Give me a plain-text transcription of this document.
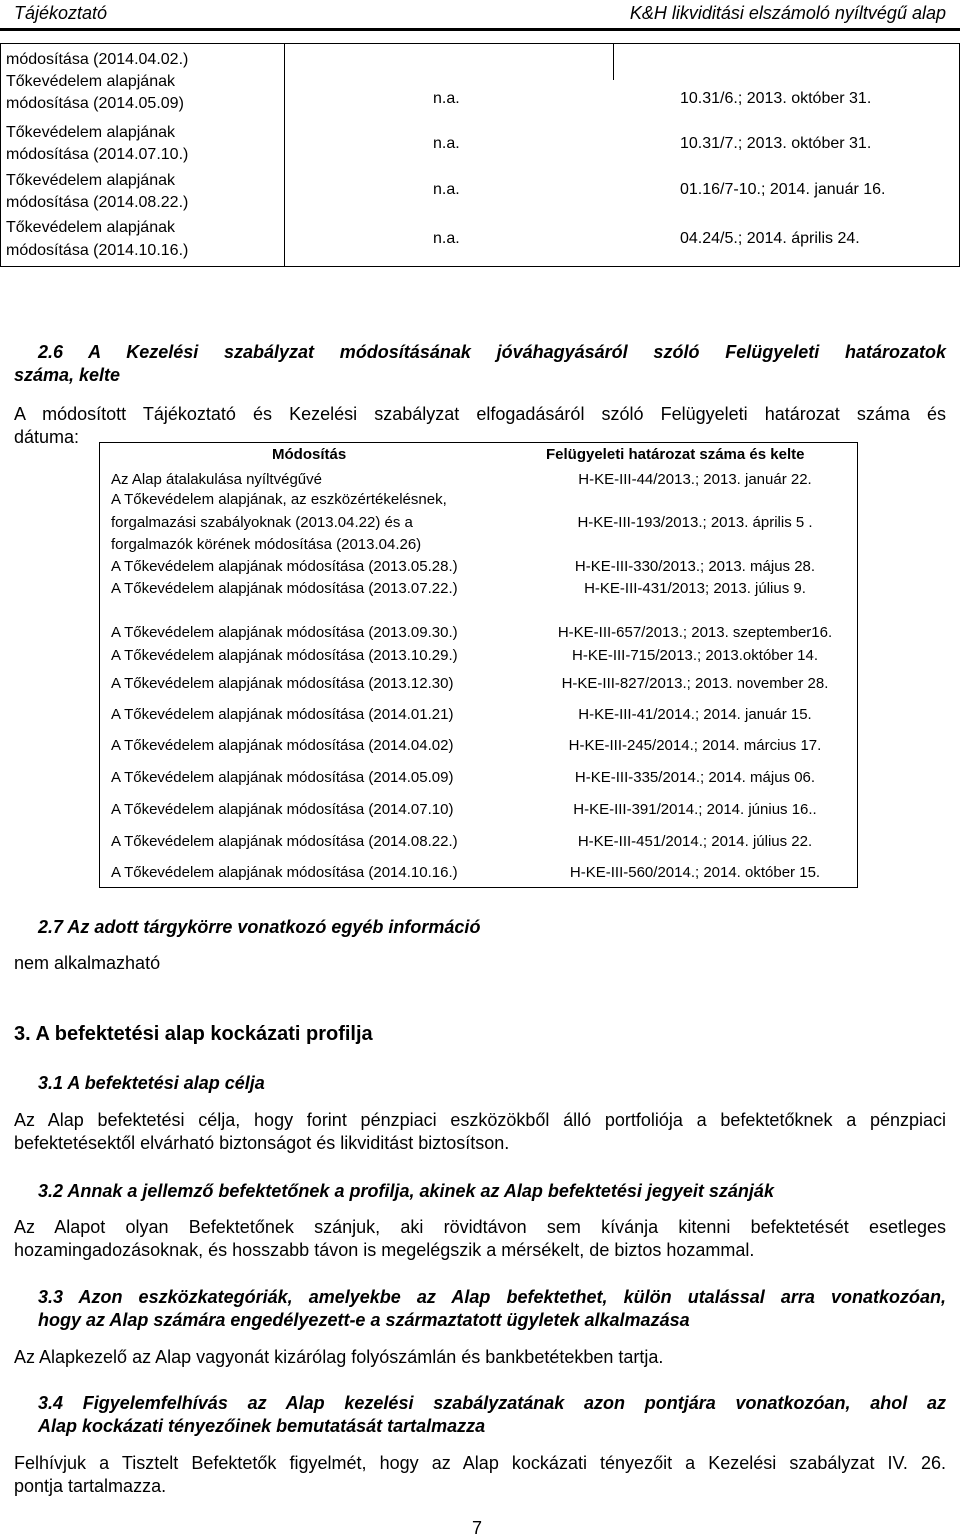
Tájékoztató	K&H likviditási elszámoló nyíltvégű alap
módosítása (2014.04.02.)
Tőkevédelem alapjának
módosítása (2014.05.09)	n.a.	10.31/6.; 2013. október 31.
Tőkevédelem alapjának
módosítása (2014.07.10.)
n.a.	10.31/7.; 2013. október 31.
Tőkevédelem alapjának
módosítása (2014.08.22.)
n.a.	01.16/7-10.; 2014. január 16.
Tőkevédelem alapjának
módosítása (2014.10.16.)
n.a.	04.24/5.; 2014. április 24.
2.6 A Kezelési szabályzat módosításának jóváhagyásáról szóló Felügyeleti határozatok
száma, kelte
A módosított Tájékoztató és Kezelési szabályzat elfogadásáról szóló Felügyeleti határozat száma és
dátuma:
Módosítás	Felügyeleti határozat száma és kelte
Az Alap átalakulása nyíltvégűvé	H-KE-III-44/2013.; 2013. január 22.
A Tőkevédelem alapjának, az eszközértékelésnek,
forgalmazási szabályoknak (2013.04.22) és a
forgalmazók körének módosítása (2013.04.26)
H-KE-III-193/2013.; 2013. április 5 .
A Tőkevédelem alapjának módosítása (2013.05.28.)	H-KE-III-330/2013.; 2013. május 28.
A Tőkevédelem alapjának módosítása (2013.07.22.)	H-KE-III-431/2013; 2013. július 9.
A Tőkevédelem alapjának módosítása (2013.09.30.)	H-KE-III-657/2013.; 2013. szeptember16.
A Tőkevédelem alapjának módosítása (2013.10.29.)	H-KE-III-715/2013.; 2013.október 14.
A Tőkevédelem alapjának módosítása (2013.12.30)	H-KE-III-827/2013.; 2013. november 28.
A Tőkevédelem alapjának módosítása (2014.01.21)	H-KE-III-41/2014.; 2014. január 15.
A Tőkevédelem alapjának módosítása (2014.04.02)	H-KE-III-245/2014.; 2014. március 17.
A Tőkevédelem alapjának módosítása (2014.05.09)	H-KE-III-335/2014.; 2014. május 06.
A Tőkevédelem alapjának módosítása (2014.07.10)	H-KE-III-391/2014.; 2014. június 16..
A Tőkevédelem alapjának módosítása (2014.08.22.)	H-KE-III-451/2014.; 2014. július 22.
A Tőkevédelem alapjának módosítása (2014.10.16.)	H-KE-III-560/2014.; 2014. október 15.
2.7 Az adott tárgykörre vonatkozó egyéb információ
nem alkalmazható
3. A befektetési alap kockázati profilja
3.1 A befektetési alap célja
Az Alap befektetési célja, hogy forint pénzpiaci eszközökből álló portfoliója a befektetőknek a pénzpiaci
befektetésektől elvárható biztonságot és likviditást biztosítson.
3.2 Annak a jellemző befektetőnek a profilja, akinek az Alap befektetési jegyeit szánják
Az Alapot olyan Befektetőnek szánjuk, aki rövidtávon sem kívánja kitenni befektetését esetleges
hozamingadozásoknak, és hosszabb távon is megelégszik a mérsékelt, de biztos hozammal.
3.3 Azon eszközkategóriák, amelyekbe az Alap befektethet, külön utalással arra vonatkozóan,
hogy az Alap számára engedélyezett-e a származtatott ügyletek alkalmazása
Az Alapkezelő az Alap vagyonát kizárólag folyószámlán és bankbetétekben tartja.
3.4 Figyelemfelhívás az Alap kezelési szabályzatának azon pontjára vonatkozóan, ahol az
Alap kockázati tényezőinek bemutatását tartalmazza
Felhívjuk a Tisztelt Befektetők figyelmét, hogy az Alap kockázati tényezőit a Kezelési szabályzat IV. 26.
pontja tartalmazza.
7
